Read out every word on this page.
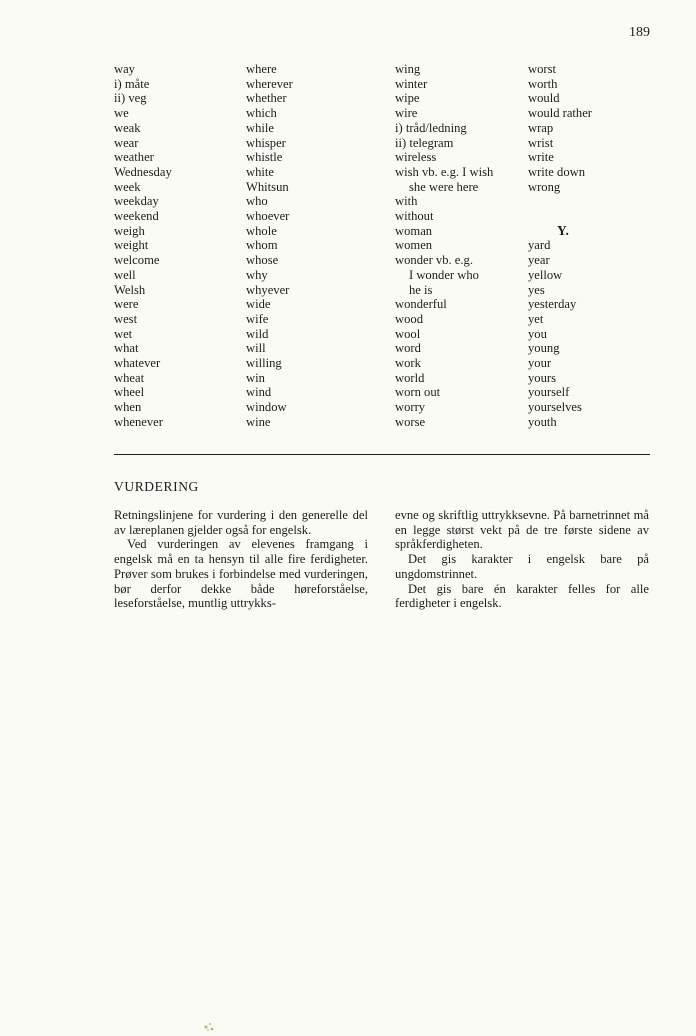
189
way
i) måte
ii) veg
we
weak
wear
weather
Wednesday
week
weekday
weekend
weigh
weight
welcome
well
Welsh
were
west
wet
what
whatever
wheat
wheel
when
whenever
where
wherever
whether
which
while
whisper
whistle
white
Whitsun
who
whoever
whole
whom
whose
why
whyever
wide
wife
wild
will
willing
win
wind
window
wine
wing
winter
wipe
wire
i) tråd/ledning
ii) telegram
wireless
wish vb. e.g. I wish
she were here
with
without
woman
women
wonder vb. e.g.
I wonder who
he is
wonderful
wood
wool
word
work
world
worn out
worry
worse
worst
worth
would
would rather
wrap
wrist
write
write down
wrong
Y.
yard
year
yellow
yes
yesterday
yet
you
young
your
yours
yourself
yourselves
youth
VURDERING

Retningslinjene for vurdering i den generelle del av læreplanen gjelder også for engelsk.

Ved vurderingen av elevenes framgang i engelsk må en ta hensyn til alle fire ferdigheter. Prøver som brukes i forbindelse med vurderingen, bør derfor dekke både høreforståelse, leseforståelse, muntlig uttrykks-

evne og skriftlig uttrykksevne. På barnetrinnet må en legge størst vekt på de tre første sidene av språkferdigheten.

Det gis karakter i engelsk bare på ungdomstrinnet.

Det gis bare én karakter felles for alle ferdigheter i engelsk.
